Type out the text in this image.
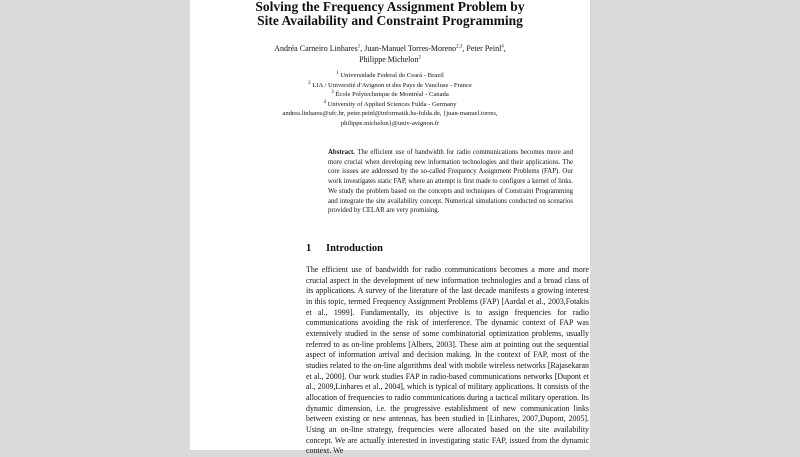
Solving the Frequency Assignment Problem by
Site Availability and Constraint Programming
Andréa Carneiro Linhares$^1$, Juan-Manuel Torres-Moreno$^{2,3}$, Peter Peinl$^4$,
Philippe Michelon$^2$
$^1$ Universidade Federal do Ceará - Brazil
$^2$ LIA / Université d'Avignon et des Pays de Vaucluse - France
$^3$ École Polytechnique de Montréal - Canada
$^4$ University of Applied Sciences Fulda - Germany
andrea.linhares@ufc.br, peter.peinl@informatik.hs-fulda.de, {juan-manuel.torres,
philippe.michelon}@univ-avignon.fr
Abstract. The efficient use of bandwidth for radio communications becomes more and more crucial when developing new information technologies and their applications. The core issues are addressed by the so-called Frequency Assignment Problems (FAP). Our work investigates static FAP, where an attempt is first made to configure a kernel of links. We study the problem based on the concepts and techniques of Constraint Programming and integrate the site availability concept. Numerical simulations conducted on scenarios provided by CELAR are very promising.
1 Introduction
The efficient use of bandwidth for radio communications becomes a more and more crucial aspect in the development of new information technologies and a broad class of its applications. A survey of the literature of the last decade manifests a growing interest in this topic, termed Frequency Assignment Problems (FAP) [Aardal et al., 2003,Fotakis et al., 1999]. Fundamentally, its objective is to assign frequencies for radio communications avoiding the risk of interference. The dynamic context of FAP was extensively studied in the sense of some combinatorial optimization problems, usually referred to as on-line problems [Albers, 2003]. These aim at pointing out the sequential aspect of information arrival and decision making. In the context of FAP, most of the studies related to the on-line algorithms deal with mobile wireless networks [Rajasekaran et al., 2000]. Our work studies FAP in radio-based communications networks [Dupont et al., 2009,Linhares et al., 2004], which is typical of military applications. It consists of the allocation of frequencies to radio communications during a tactical military operation. Its dynamic dimension, i.e. the progressive establishment of new communication links between existing or new antennas, has been studied in [Linhares, 2007,Dupont, 2005]. Using an on-line strategy, frequencies were allocated based on the site availability concept. We are actually interested in investigating static FAP, issued from the dynamic context. We
